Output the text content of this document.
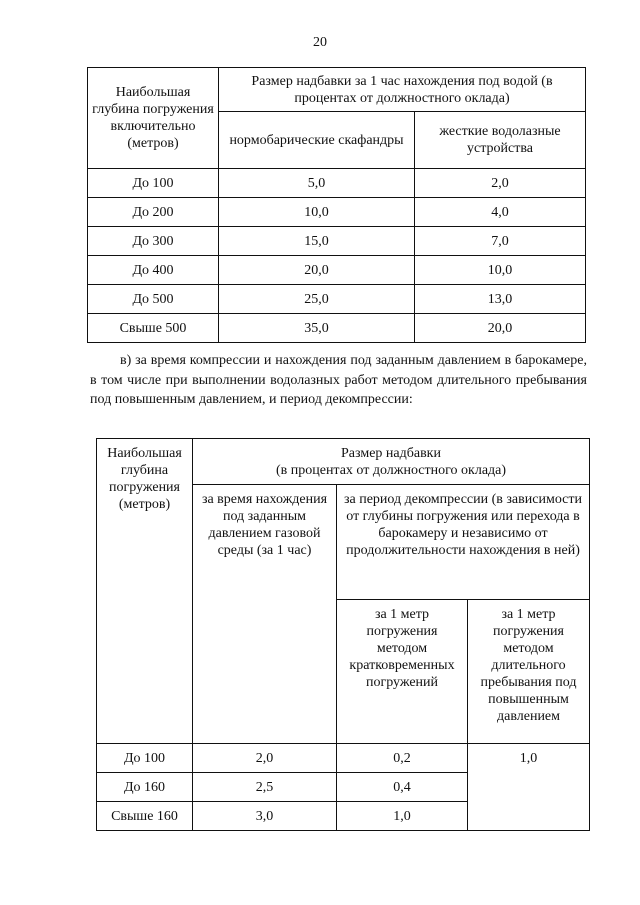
20
Наибольшая глубина погружения включительно (метров)	Размер надбавки за 1 час нахождения под водой (в процентах от должностного оклада)	
	нормобарические скафандры	жесткие водолазные устройства
До 100	5,0	2,0
До 200	10,0	4,0
До 300	15,0	7,0
До 400	20,0	10,0
До 500	25,0	13,0
Свыше 500	35,0	20,0
в) за время компрессии и нахождения под заданным давлением в барокамере, в том числе при выполнении водолазных работ методом длительного пребывания под повышенным давлением, и период декомпрессии:
Наибольшая глубина погружения (метров)	Размер надбавки
(в процентах от должностного оклада)		
	за время нахождения под заданным давлением газовой среды (за 1 час)	за период декомпрессии (в зависимости от глубины погружения или перехода в барокамеру и независимо от продолжительности нахождения в ней)	
		за 1 метр погружения методом кратковременных погружений	за 1 метр погружения методом длительного пребывания под повышенным давлением
До 100	2,0	0,2	1,0
До 160	2,5	0,4	
Свыше 160	3,0	1,0	
